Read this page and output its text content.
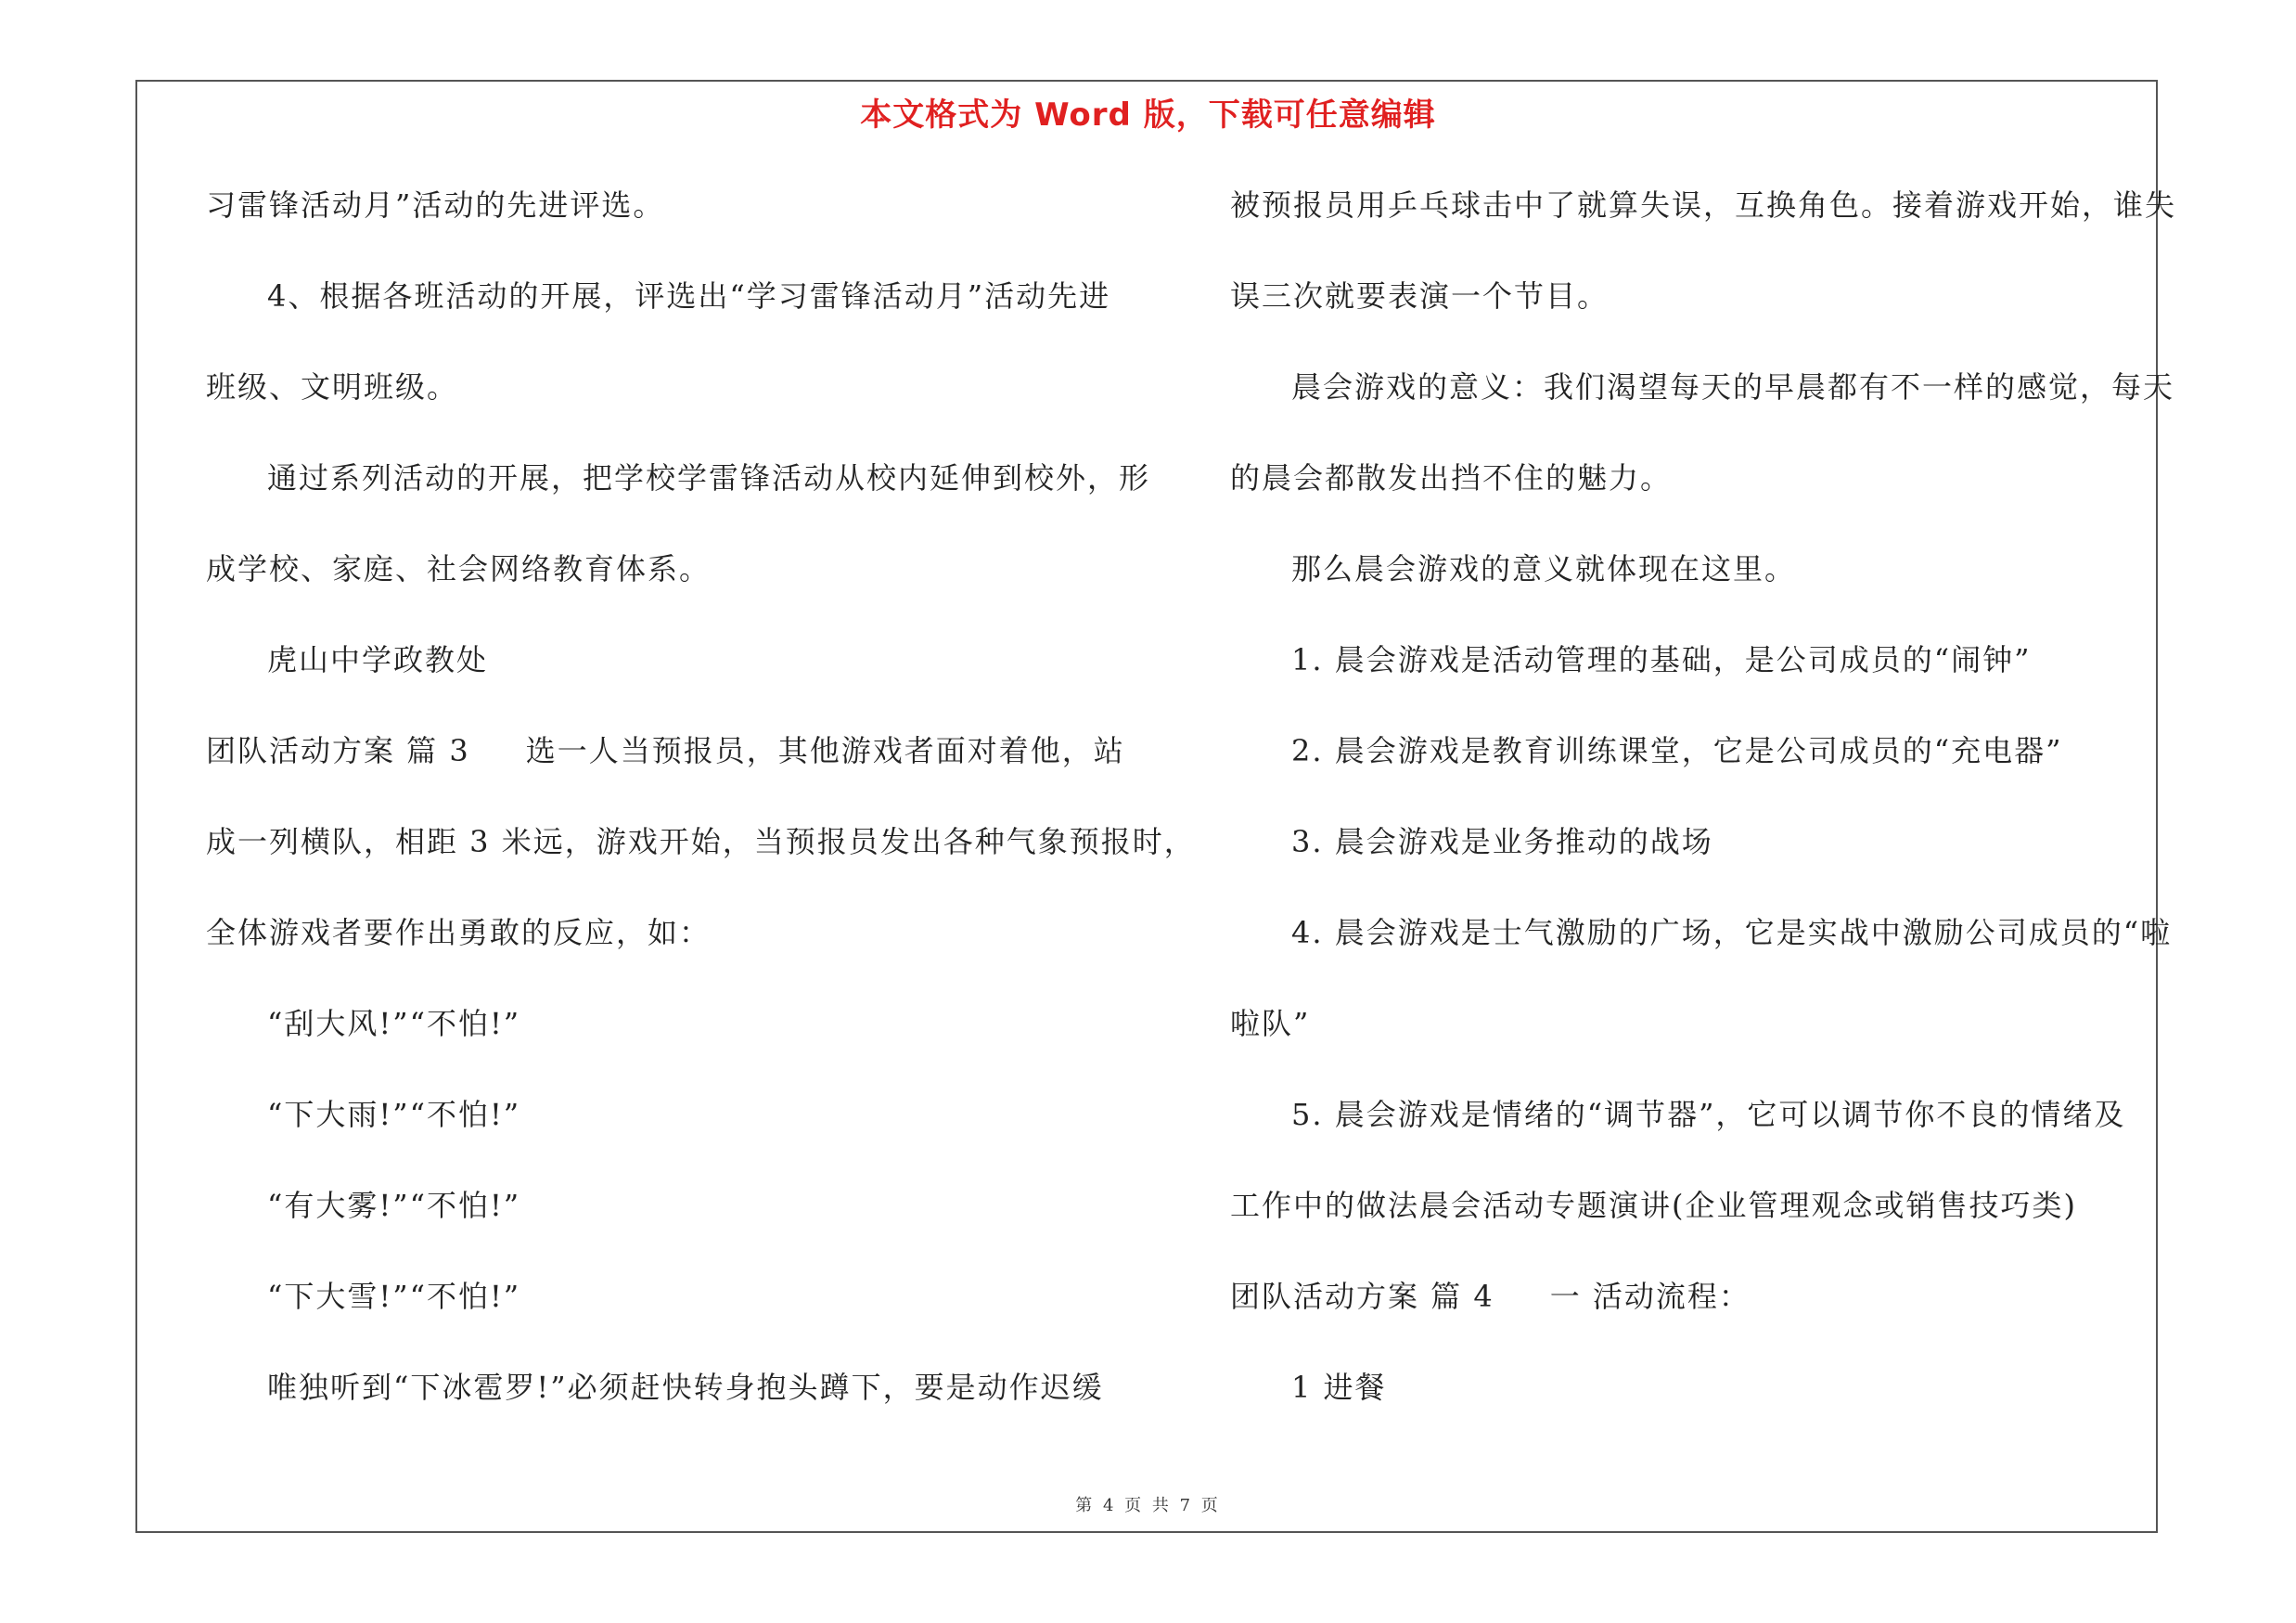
本文格式为 Word 版，下载可任意编辑
习雷锋活动月”活动的先进评选。
4、根据各班活动的开展，评选出“学习雷锋活动月”活动先进
班级、文明班级。
通过系列活动的开展，把学校学雷锋活动从校内延伸到校外，形
成学校、家庭、社会网络教育体系。
虎山中学政教处
团队活动方案 篇 3 选一人当预报员，其他游戏者面对着他，站
成一列横队，相距 3 米远，游戏开始，当预报员发出各种气象预报时，
全体游戏者要作出勇敢的反应，如：
“刮大风!”“不怕!”
“下大雨!”“不怕!”
“有大雾!”“不怕!”
“下大雪!”“不怕!”
唯独听到“下冰雹罗!”必须赶快转身抱头蹲下，要是动作迟缓
被预报员用乒乓球击中了就算失误，互换角色。接着游戏开始，谁失
误三次就要表演一个节目。
晨会游戏的意义：我们渴望每天的早晨都有不一样的感觉，每天
的晨会都散发出挡不住的魅力。
那么晨会游戏的意义就体现在这里。
1. 晨会游戏是活动管理的基础，是公司成员的“闹钟”
2. 晨会游戏是教育训练课堂，它是公司成员的“充电器”
3. 晨会游戏是业务推动的战场
4. 晨会游戏是士气激励的广场，它是实战中激励公司成员的“啦
啦队”
5. 晨会游戏是情绪的“调节器”，它可以调节你不良的情绪及
工作中的做法晨会活动专题演讲(企业管理观念或销售技巧类)
团队活动方案 篇 4 一 活动流程：
1 进餐
第 4 页 共 7 页
